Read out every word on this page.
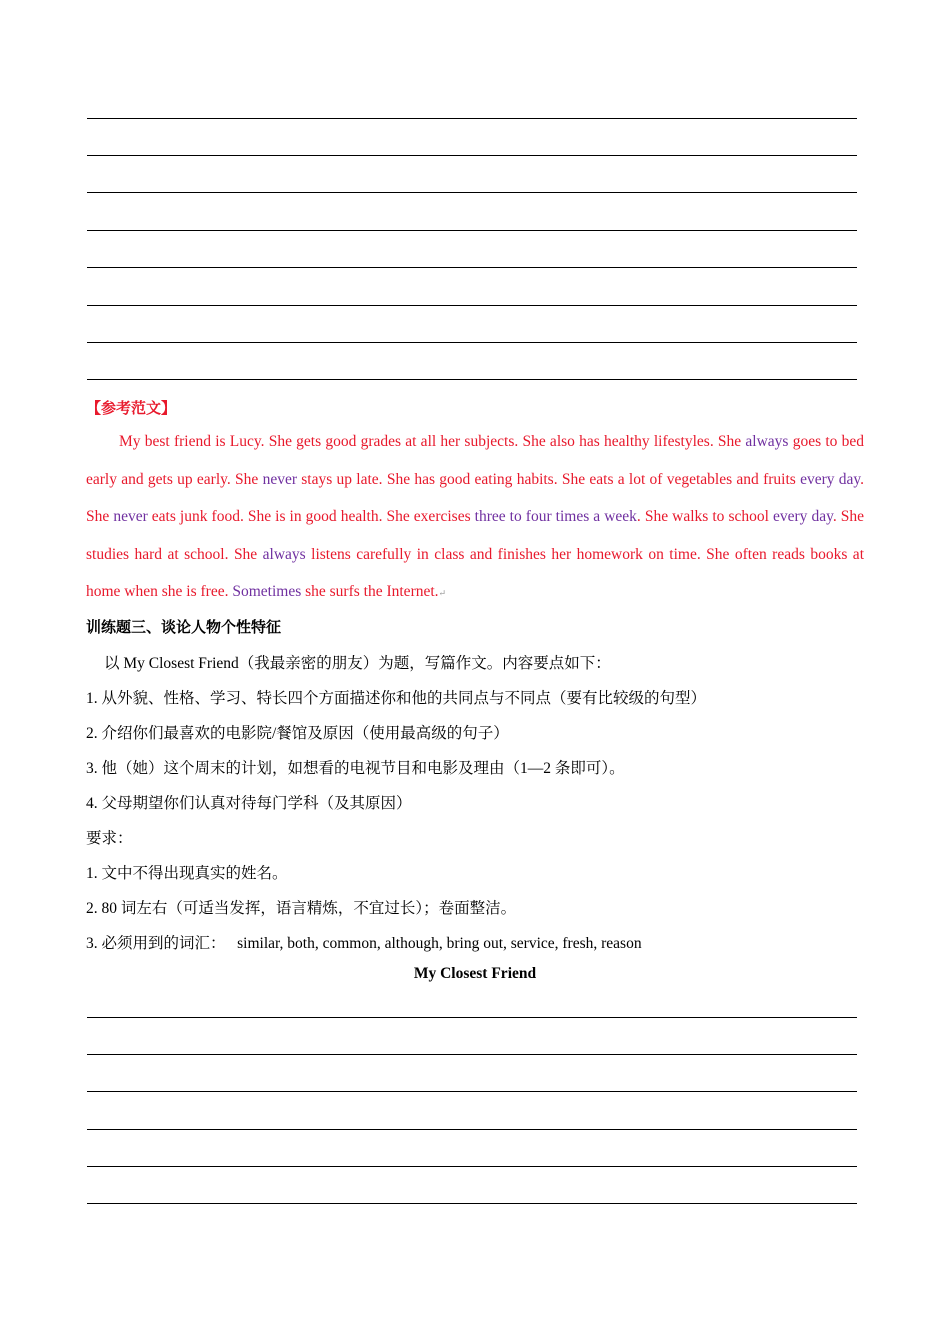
【参考范文】
My best friend is Lucy. She gets good grades at all her subjects. She also has healthy lifestyles. She always goes to bed early and gets up early. She never stays up late. She has good eating habits. She eats a lot of vegetables and fruits every day. She never eats junk food. She is in good health. She exercises three to four times a week. She walks to school every day. She studies hard at school. She always listens carefully in class and finishes her homework on time. She often reads books at home when she is free. Sometimes she surfs the Internet.↵
训练题三、谈论人物个性特征
以 My Closest Friend（我最亲密的朋友）为题，写篇作文。内容要点如下：
1. 从外貌、性格、学习、特长四个方面描述你和他的共同点与不同点（要有比较级的句型）
2. 介绍你们最喜欢的电影院/餐馆及原因（使用最高级的句子）
3. 他（她）这个周末的计划，如想看的电视节目和电影及理由（1—2 条即可）。
4. 父母期望你们认真对待每门学科（及其原因）
要求：
1. 文中不得出现真实的姓名。
2. 80 词左右（可适当发挥，语言精炼，不宜过长）；卷面整洁。
3. 必须用到的词汇：   similar, both, common, although, bring out, service, fresh, reason
My Closest Friend
